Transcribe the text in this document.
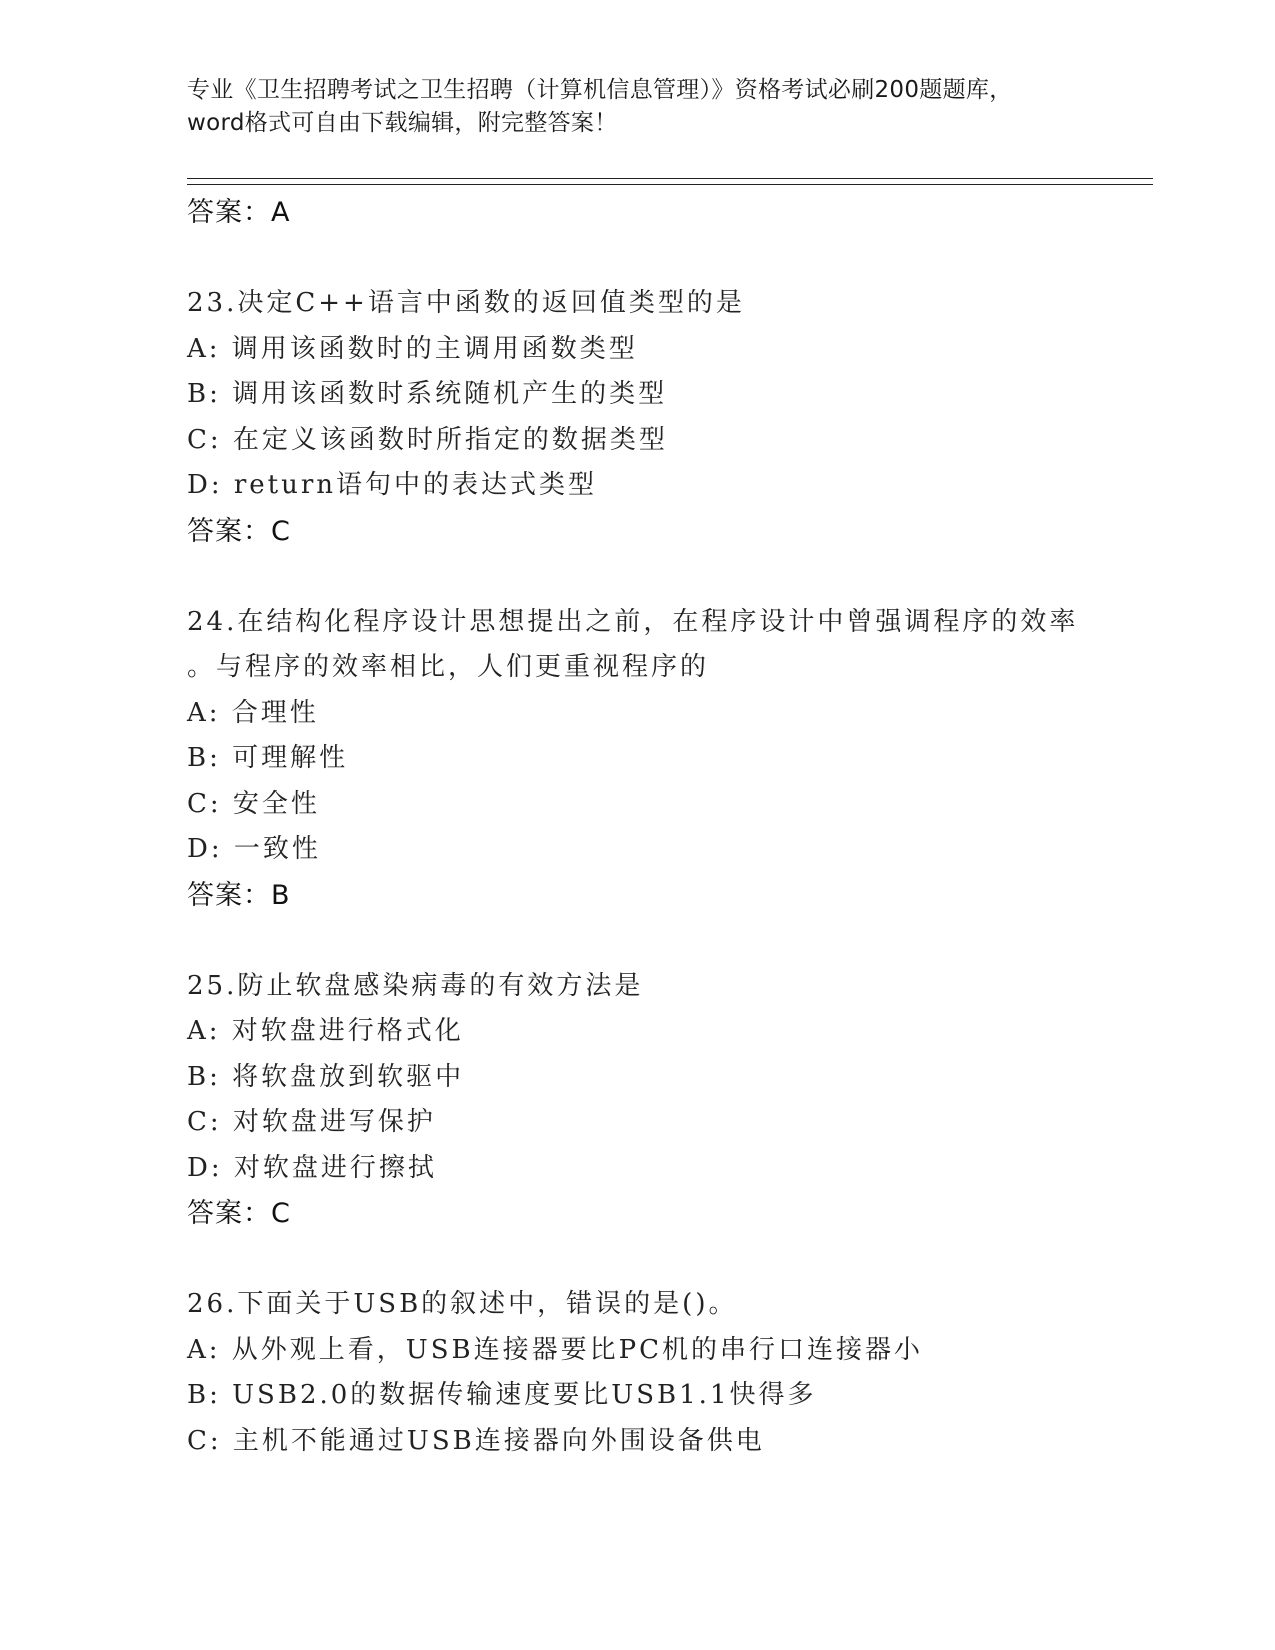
专业《卫生招聘考试之卫生招聘（计算机信息管理）》资格考试必刷200题题库，
word格式可自由下载编辑，附完整答案！
答案：A
23.决定C++语言中函数的返回值类型的是
A: 调用该函数时的主调用函数类型
B: 调用该函数时系统随机产生的类型
C: 在定义该函数时所指定的数据类型
D: return语句中的表达式类型
答案：C
24.在结构化程序设计思想提出之前，在程序设计中曾强调程序的效率
。与程序的效率相比，人们更重视程序的
A: 合理性
B: 可理解性
C: 安全性
D: 一致性
答案：B
25.防止软盘感染病毒的有效方法是
A: 对软盘进行格式化
B: 将软盘放到软驱中
C: 对软盘进写保护
D: 对软盘进行擦拭
答案：C
26.下面关于USB的叙述中，错误的是()。
A: 从外观上看，USB连接器要比PC机的串行口连接器小
B: USB2.0的数据传输速度要比USB1.1快得多
C: 主机不能通过USB连接器向外围设备供电
